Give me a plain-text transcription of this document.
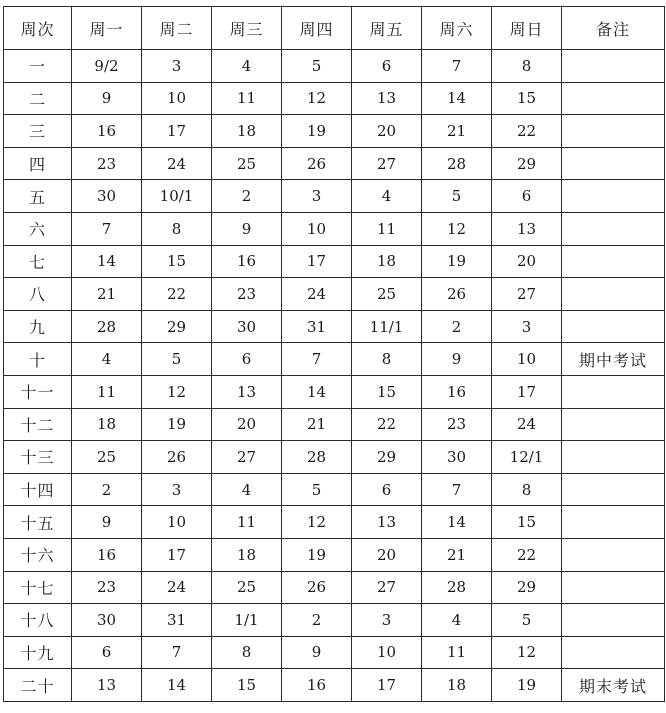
周次	周一	周二	周三	周四	周五	周六	周日	备注
一	9/2	3	4	5	6	7	8	
二	9	10	11	12	13	14	15	
三	16	17	18	19	20	21	22	
四	23	24	25	26	27	28	29	
五	30	10/1	2	3	4	5	6	
六	7	8	9	10	11	12	13	
七	14	15	16	17	18	19	20	
八	21	22	23	24	25	26	27	
九	28	29	30	31	11/1	2	3	
十	4	5	6	7	8	9	10	期中考试
十一	11	12	13	14	15	16	17	
十二	18	19	20	21	22	23	24	
十三	25	26	27	28	29	30	12/1	
十四	2	3	4	5	6	7	8	
十五	9	10	11	12	13	14	15	
十六	16	17	18	19	20	21	22	
十七	23	24	25	26	27	28	29	
十八	30	31	1/1	2	3	4	5	
十九	6	7	8	9	10	11	12	
二十	13	14	15	16	17	18	19	期末考试
